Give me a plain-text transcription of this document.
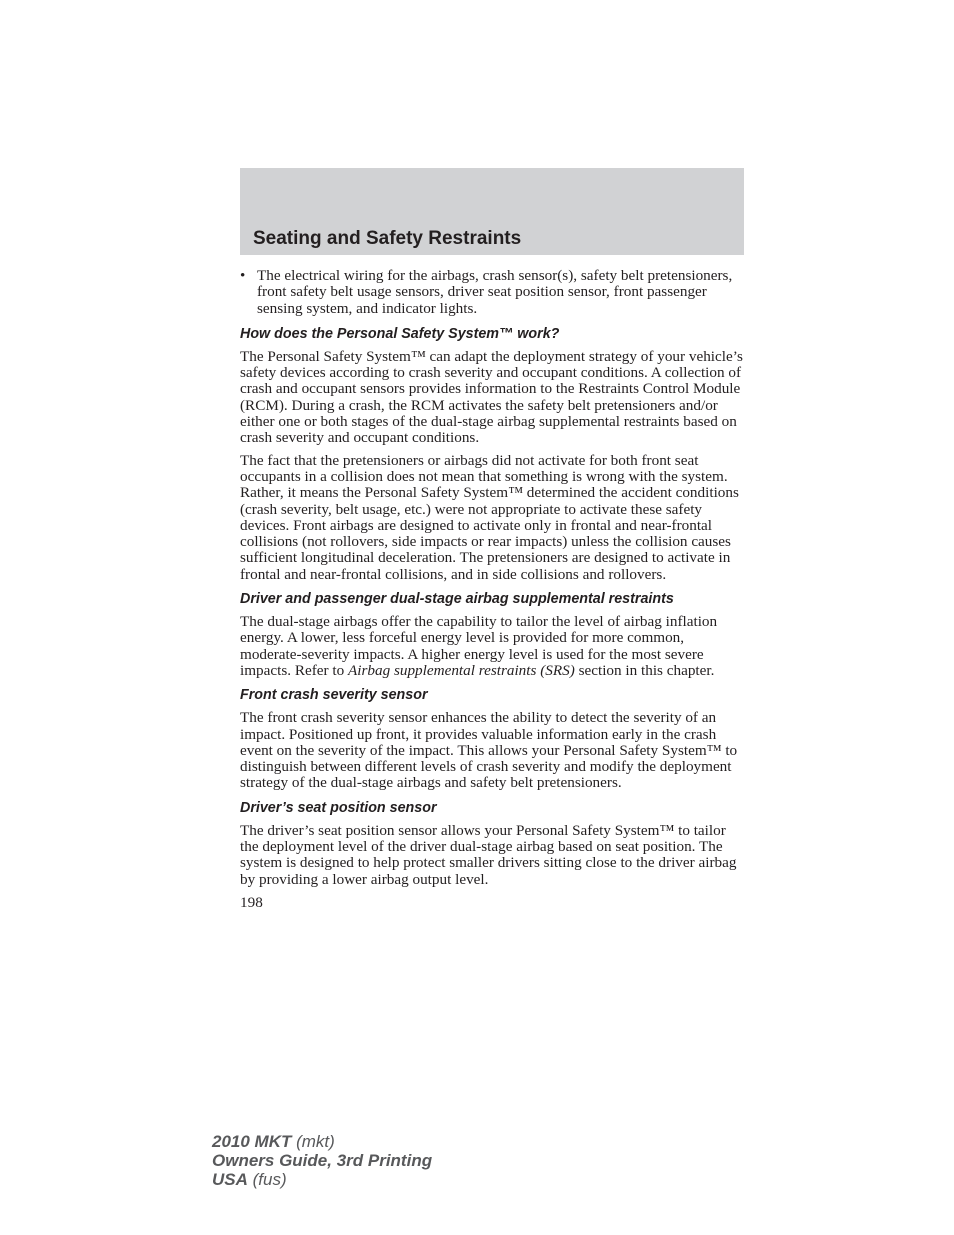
Seating and Safety Restraints
• The electrical wiring for the airbags, crash sensor(s), safety belt pretensioners, front safety belt usage sensors, driver seat position sensor, front passenger sensing system, and indicator lights.
How does the Personal Safety System™ work?

The Personal Safety System™ can adapt the deployment strategy of your vehicle’s safety devices according to crash severity and occupant conditions. A collection of crash and occupant sensors provides information to the Restraints Control Module (RCM). During a crash, the RCM activates the safety belt pretensioners and/or either one or both stages of the dual-stage airbag supplemental restraints based on crash severity and occupant conditions.

The fact that the pretensioners or airbags did not activate for both front seat occupants in a collision does not mean that something is wrong with the system. Rather, it means the Personal Safety System™ determined the accident conditions (crash severity, belt usage, etc.) were not appropriate to activate these safety devices. Front airbags are designed to activate only in frontal and near-frontal collisions (not rollovers, side impacts or rear impacts) unless the collision causes sufficient longitudinal deceleration. The pretensioners are designed to activate in frontal and near-frontal collisions, and in side collisions and rollovers.

Driver and passenger dual-stage airbag supplemental restraints

The dual-stage airbags offer the capability to tailor the level of airbag inflation energy. A lower, less forceful energy level is provided for more common, moderate-severity impacts. A higher energy level is used for the most severe impacts. Refer to Airbag supplemental restraints (SRS) section in this chapter.

Front crash severity sensor

The front crash severity sensor enhances the ability to detect the severity of an impact. Positioned up front, it provides valuable information early in the crash event on the severity of the impact. This allows your Personal Safety System™ to distinguish between different levels of crash severity and modify the deployment strategy of the dual-stage airbags and safety belt pretensioners.

Driver’s seat position sensor

The driver’s seat position sensor allows your Personal Safety System™ to tailor the deployment level of the driver dual-stage airbag based on seat position. The system is designed to help protect smaller drivers sitting close to the driver airbag by providing a lower airbag output level.

198

2010 MKT (mkt)
Owners Guide, 3rd Printing
USA (fus)
